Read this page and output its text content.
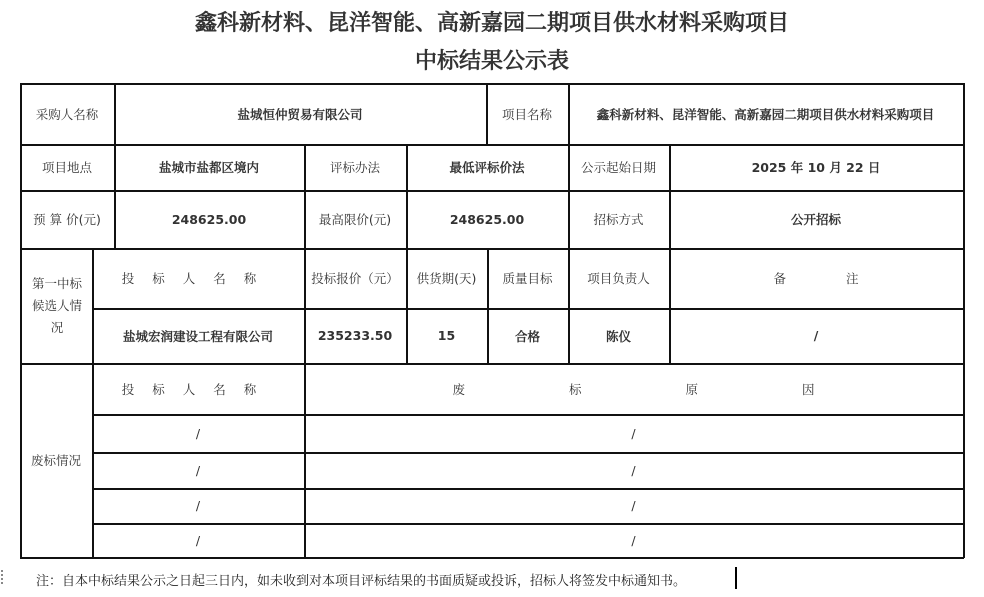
鑫科新材料、昆洋智能、高新嘉园二期项目供水材料采购项目
中标结果公示表
采购人名称	盐城恒仲贸易有限公司	项目名称	鑫科新材料、昆洋智能、高新嘉园二期项目供水材料采购项目
项目地点	盐城市盐都区境内	评标办法	最低评标价法	公示起始日期	2025 年 10 月 22 日
预 算 价(元)	248625.00	最高限价(元)	248625.00	招标方式	公开招标
第一中标候选人情况
投标人名称	投标报价（元）	供货期(天)	质量目标	项目负责人	备注
盐城宏润建设工程有限公司	235233.50	15	合格	陈仪	/
废标情况
投标人名称	废标原因
/	/
/	/
/	/
/	/
注：自本中标结果公示之日起三日内，如未收到对本项目评标结果的书面质疑或投诉，招标人将签发中标通知书。
